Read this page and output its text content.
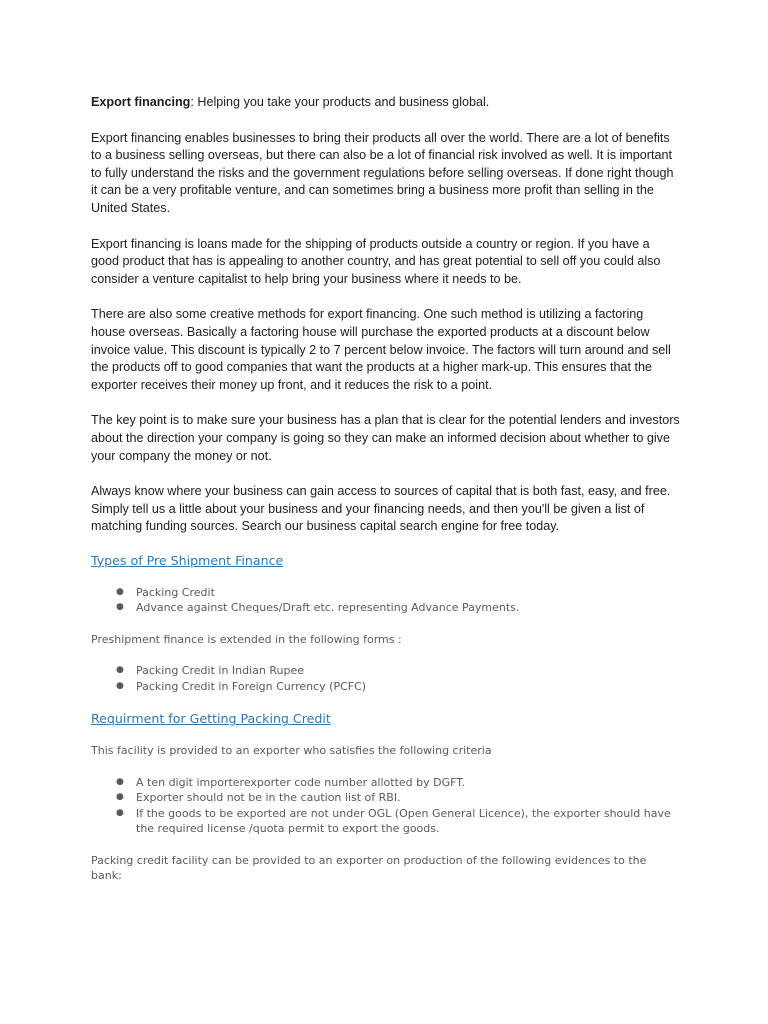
Export financing: Helping you take your products and business global.

Export financing enables businesses to bring their products all over the world. There are a lot of benefits to a business selling overseas, but there can also be a lot of financial risk involved as well. It is important to fully understand the risks and the government regulations before selling overseas. If done right though it can be a very profitable venture, and can sometimes bring a business more profit than selling in the United States.

Export financing is loans made for the shipping of products outside a country or region. If you have a good product that has is appealing to another country, and has great potential to sell off you could also consider a venture capitalist to help bring your business where it needs to be.

There are also some creative methods for export financing. One such method is utilizing a factoring house overseas. Basically a factoring house will purchase the exported products at a discount below invoice value. This discount is typically 2 to 7 percent below invoice. The factors will turn around and sell the products off to good companies that want the products at a higher mark-up. This ensures that the exporter receives their money up front, and it reduces the risk to a point.

The key point is to make sure your business has a plan that is clear for the potential lenders and investors about the direction your company is going so they can make an informed decision about whether to give your company the money or not.

Always know where your business can gain access to sources of capital that is both fast, easy, and free. Simply tell us a little about your business and your financing needs, and then you'll be given a list of matching funding sources. Search our business capital search engine for free today.

Types of Pre Shipment Finance
● Packing Credit
● Advance against Cheques/Draft etc. representing Advance Payments.

Preshipment finance is extended in the following forms :

● Packing Credit in Indian Rupee
● Packing Credit in Foreign Currency (PCFC)
Requirment for Getting Packing Credit

This facility is provided to an exporter who satisfies the following criteria

● A ten digit importerexporter code number allotted by DGFT.
● Exporter should not be in the caution list of RBI.
● If the goods to be exported are not under OGL (Open General Licence), the exporter should have the required license /quota permit to export the goods.

Packing credit facility can be provided to an exporter on production of the following evidences to the bank:
